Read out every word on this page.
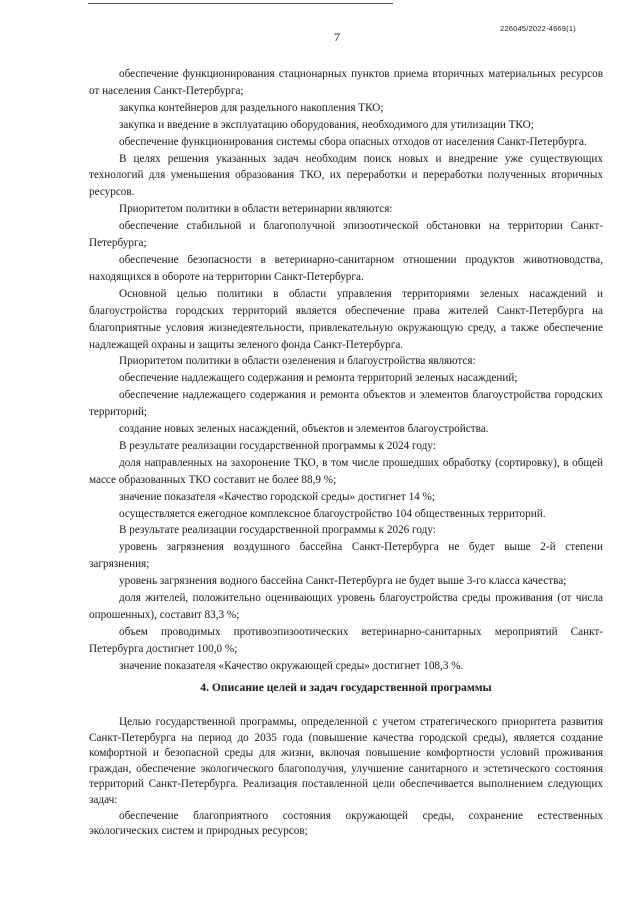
7
226045/2022-4669(1)

обеспечение функционирования стационарных пунктов приема вторичных материальных ресурсов от населения Санкт-Петербурга;

закупка контейнеров для раздельного накопления ТКО;

закупка и введение в эксплуатацию оборудования, необходимого для утилизации ТКО;

обеспечение функционирования системы сбора опасных отходов от населения Санкт-Петербурга.

В целях решения указанных задач необходим поиск новых и внедрение уже существующих технологий для уменьшения образования ТКО, их переработки и переработки полученных вторичных ресурсов.

Приоритетом политики в области ветеринарии являются:

обеспечение стабильной и благополучной эпизоотической обстановки на территории Санкт-Петербурга;

обеспечение безопасности в ветеринарно-санитарном отношении продуктов животноводства, находящихся в обороте на территории Санкт-Петербурга.

Основной целью политики в области управления территориями зеленых насаждений и благоустройства городских территорий является обеспечение права жителей Санкт-Петербурга на благоприятные условия жизнедеятельности, привлекательную окружающую среду, а также обеспечение надлежащей охраны и защиты зеленого фонда Санкт-Петербурга.

Приоритетом политики в области озеленения и благоустройства являются:

обеспечение надлежащего содержания и ремонта территорий зеленых насаждений;

обеспечение надлежащего содержания и ремонта объектов и элементов благоустройства городских территорий;

создание новых зеленых насаждений, объектов и элементов благоустройства.

В результате реализации государственной программы к 2024 году:

доля направленных на захоронение ТКО, в том числе прошедших обработку (сортировку), в общей массе образованных ТКО составит не более 88,9 %;

значение показателя «Качество городской среды» достигнет 14 %;

осуществляется ежегодное комплексное благоустройство 104 общественных территорий.

В результате реализации государственной программы к 2026 году:

уровень загрязнения воздушного бассейна Санкт-Петербурга не будет выше 2-й степени загрязнения;

уровень загрязнения водного бассейна Санкт-Петербурга не будет выше 3-го класса качества;

доля жителей, положительно оценивающих уровень благоустройства среды проживания (от числа опрошенных), составит 83,3 %;

объем проводимых противоэпизоотических ветеринарно-санитарных мероприятий Санкт-Петербурга достигнет 100,0 %;

значение показателя «Качество окружающей среды» достигнет 108,3 %.

4. Описание целей и задач государственной программы

Целью государственной программы, определенной с учетом стратегического приоритета развития Санкт-Петербурга на период до 2035 года (повышение качества городской среды), является создание комфортной и безопасной среды для жизни, включая повышение комфортности условий проживания граждан, обеспечение экологического благополучия, улучшение санитарного и эстетического состояния территорий Санкт-Петербурга. Реализация поставленной цели обеспечивается выполнением следующих задач:

обеспечение благоприятного состояния окружающей среды, сохранение естественных экологических систем и природных ресурсов;
